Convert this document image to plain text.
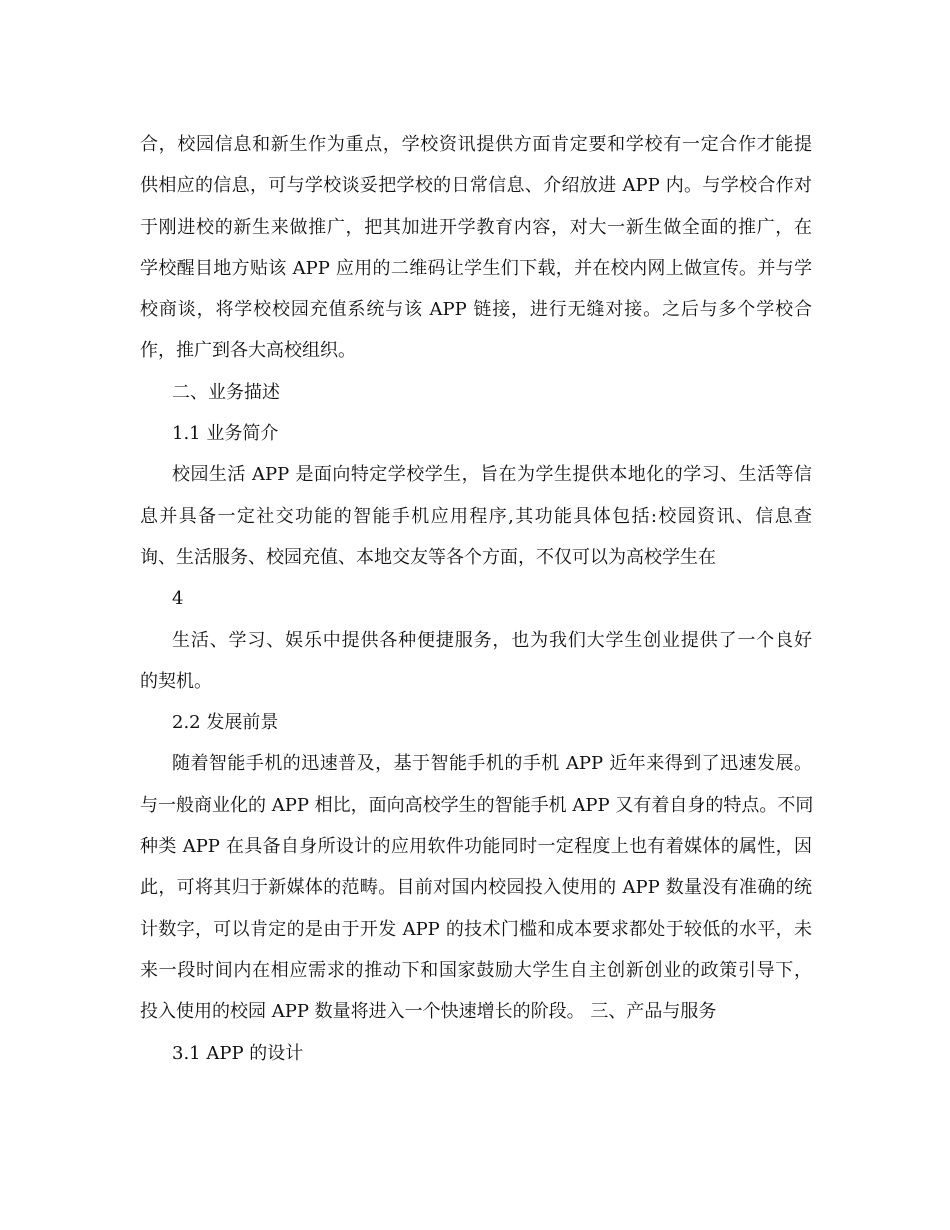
合，校园信息和新生作为重点，学校资讯提供方面肯定要和学校有一定合作才能提
供相应的信息，可与学校谈妥把学校的日常信息、介绍放进 APP 内。与学校合作对
于刚进校的新生来做推广，把其加进开学教育内容，对大一新生做全面的推广，在
学校醒目地方贴该 APP 应用的二维码让学生们下载，并在校内网上做宣传。并与学
校商谈，将学校校园充值系统与该 APP 链接，进行无缝对接。之后与多个学校合
作，推广到各大高校组织。
二、业务描述
1.1 业务简介
校园生活 APP 是面向特定学校学生，旨在为学生提供本地化的学习、生活等信
息并具备一定社交功能的智能手机应用程序,其功能具体包括:校园资讯、信息查
询、生活服务、校园充值、本地交友等各个方面，不仅可以为高校学生在
4
生活、学习、娱乐中提供各种便捷服务，也为我们大学生创业提供了一个良好
的契机。
2.2 发展前景
随着智能手机的迅速普及，基于智能手机的手机 APP 近年来得到了迅速发展。
与一般商业化的 APP 相比，面向高校学生的智能手机 APP 又有着自身的特点。不同
种类 APP 在具备自身所设计的应用软件功能同时一定程度上也有着媒体的属性，因
此，可将其归于新媒体的范畴。目前对国内校园投入使用的 APP 数量没有准确的统
计数字，可以肯定的是由于开发 APP 的技术门槛和成本要求都处于较低的水平，未
来一段时间内在相应需求的推动下和国家鼓励大学生自主创新创业的政策引导下，
投入使用的校园 APP 数量将进入一个快速增长的阶段。 三、产品与服务
3.1 APP 的设计
